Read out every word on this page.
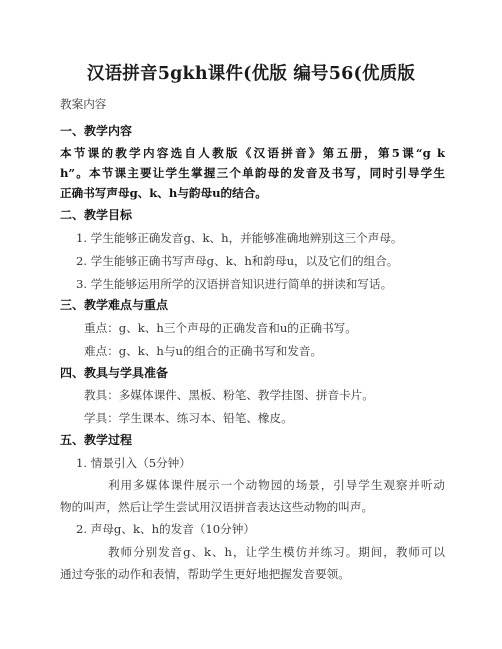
汉语拼音5gkh课件(优版 编号56(优质版
教案内容
一、教学内容
本节课的教学内容选自人教版《汉语拼音》第五册，第5课“g k
h”。本节课主要让学生掌握三个单韵母的发音及书写，同时引导学生
正确书写声母g、k、h与韵母u的结合。
二、教学目标
1. 学生能够正确发音g、k、h，并能够准确地辨别这三个声母。
2. 学生能够正确书写声母g、k、h和韵母u，以及它们的组合。
3. 学生能够运用所学的汉语拼音知识进行简单的拼读和写话。
三、教学难点与重点
重点：g、k、h三个声母的正确发音和u的正确书写。
难点：g、k、h与u的组合的正确书写和发音。
四、教具与学具准备
教具：多媒体课件、黑板、粉笔、教学挂图、拼音卡片。
学具：学生课本、练习本、铅笔、橡皮。
五、教学过程
1. 情景引入（5分钟）
利用多媒体课件展示一个动物园的场景，引导学生观察并听动
物的叫声，然后让学生尝试用汉语拼音表达这些动物的叫声。
2. 声母g、k、h的发音（10分钟）
教师分别发音g、k、h，让学生模仿并练习。期间，教师可以
通过夸张的动作和表情，帮助学生更好地把握发音要领。
